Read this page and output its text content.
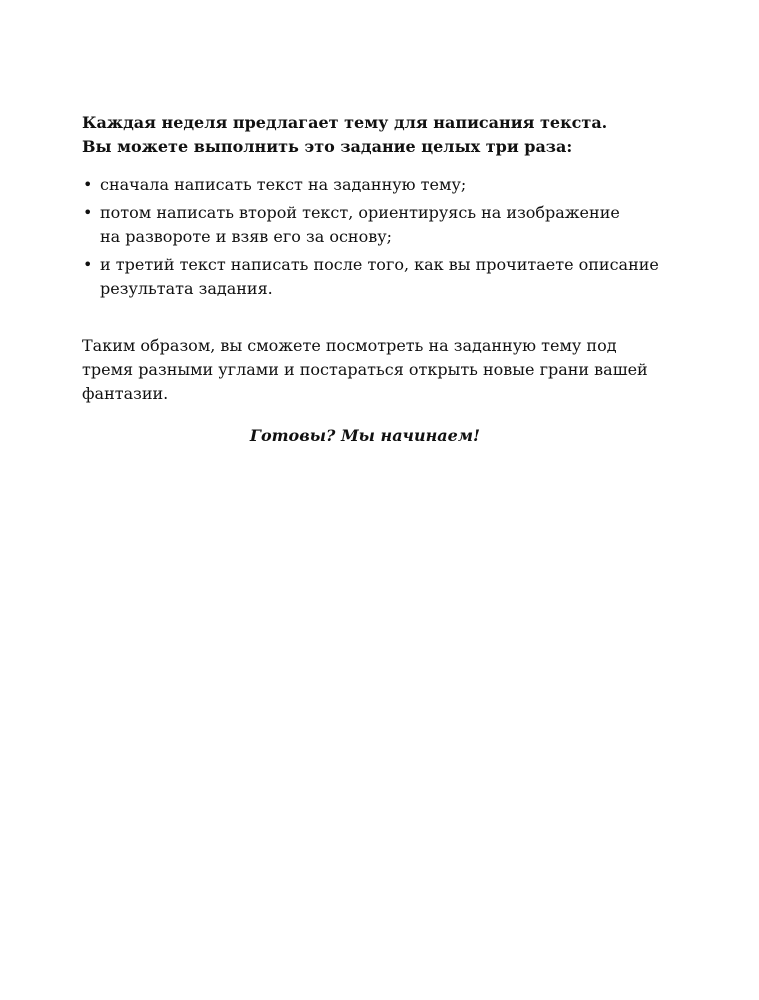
Каждая неделя предлагает тему для написания текста.
Вы можете выполнить это задание целых три раза:

• сначала написать текст на заданную тему;
• потом написать второй текст, ориентируясь на изображение
на развороте и взяв его за основу;
• и третий текст написать после того, как вы прочитаете описание
результата задания.

Таким образом, вы сможете посмотреть на заданную тему под
тремя разными углами и постараться открыть новые грани вашей
фантазии.

Готовы? Мы начинаем!
